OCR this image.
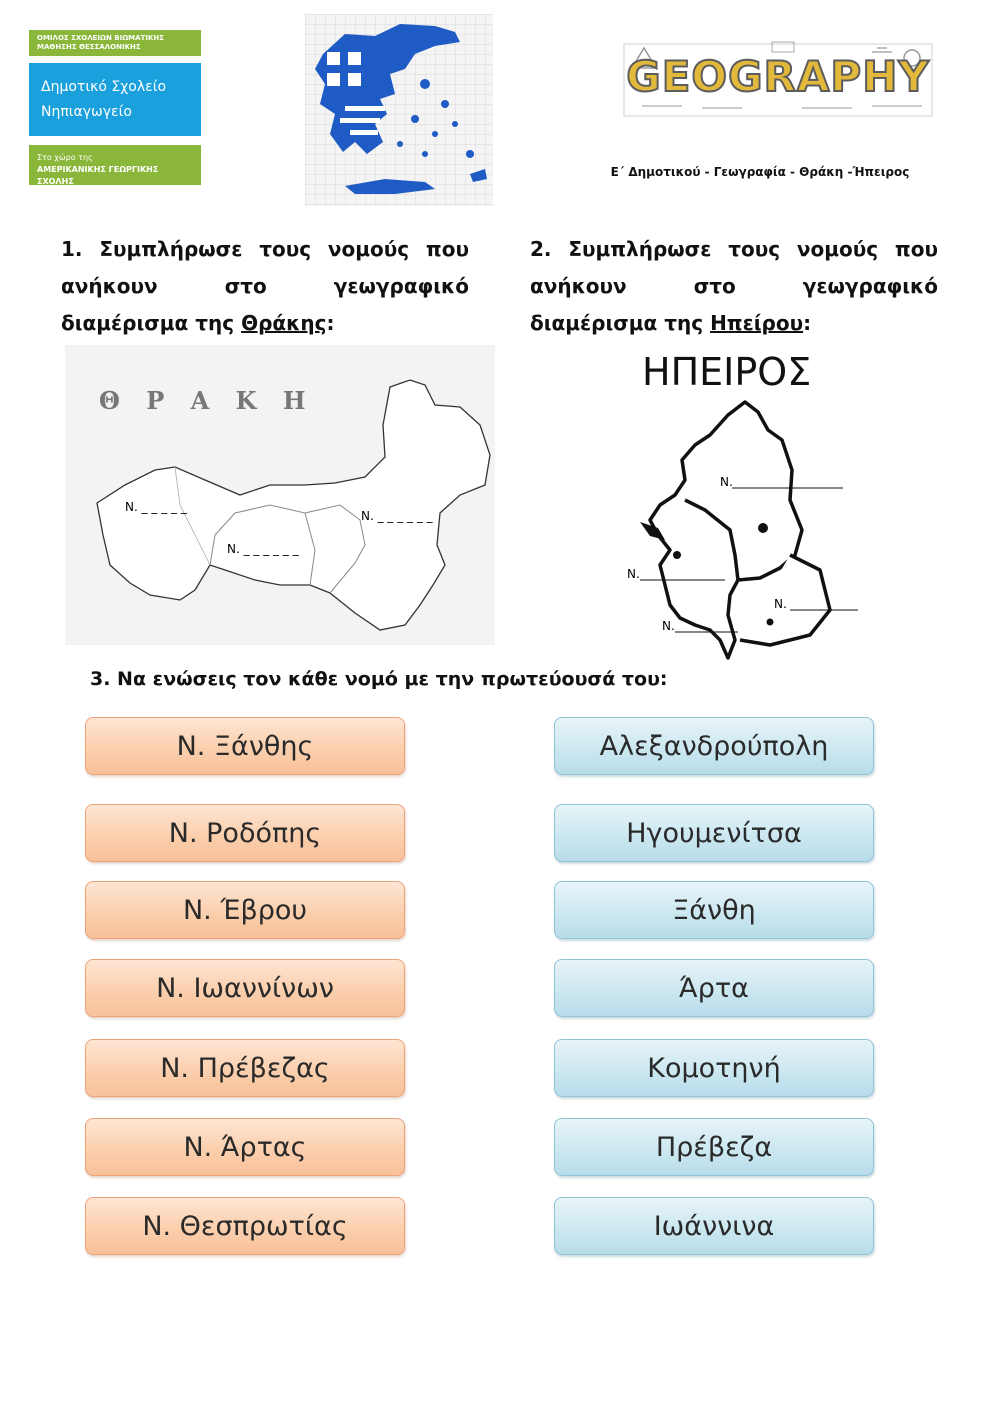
ΟΜΙΛΟΣ ΣΧΟΛΕΙΩΝ ΒΙΩΜΑΤΙΚΗΣ ΜΑΘΗΣΗΣ ΘΕΣΣΑΛΟΝΙΚΗΣ
Δημοτικό Σχολείο
Νηπιαγωγείο
Στο χώρο της
ΑΜΕΡΙΚΑΝΙΚΗΣ ΓΕΩΡΓΙΚΗΣ ΣΧΟΛΗΣ
GEOGRAPHY
Ε΄ Δημοτικού - Γεωγραφία - Θράκη -Ήπειρος
1. Συμπλήρωσε τους νομούς που ανήκουν στο γεωγραφικό διαμέρισμα της Θράκης:
2. Συμπλήρωσε τους νομούς που ανήκουν στο γεωγραφικό διαμέρισμα της Ηπείρου:
Θ Ρ Α Κ Η
Ν. _ _ _ _ _
Ν. _ _ _ _ _ _
Ν. _ _ _ _ _ _
ΗΠΕΙΡΟΣ
Ν.
Ν.
Ν.
Ν.
3. Να ενώσεις τον κάθε νομό με την πρωτεύουσά του:
Ν. Ξάνθης
Ν. Ροδόπης
Ν. Έβρου
Ν. Ιωαννίνων
Ν. Πρέβεζας
Ν. Άρτας
Ν. Θεσπρωτίας
Αλεξανδρούπολη
Ηγουμενίτσα
Ξάνθη
Άρτα
Κομοτηνή
Πρέβεζα
Ιωάννινα
